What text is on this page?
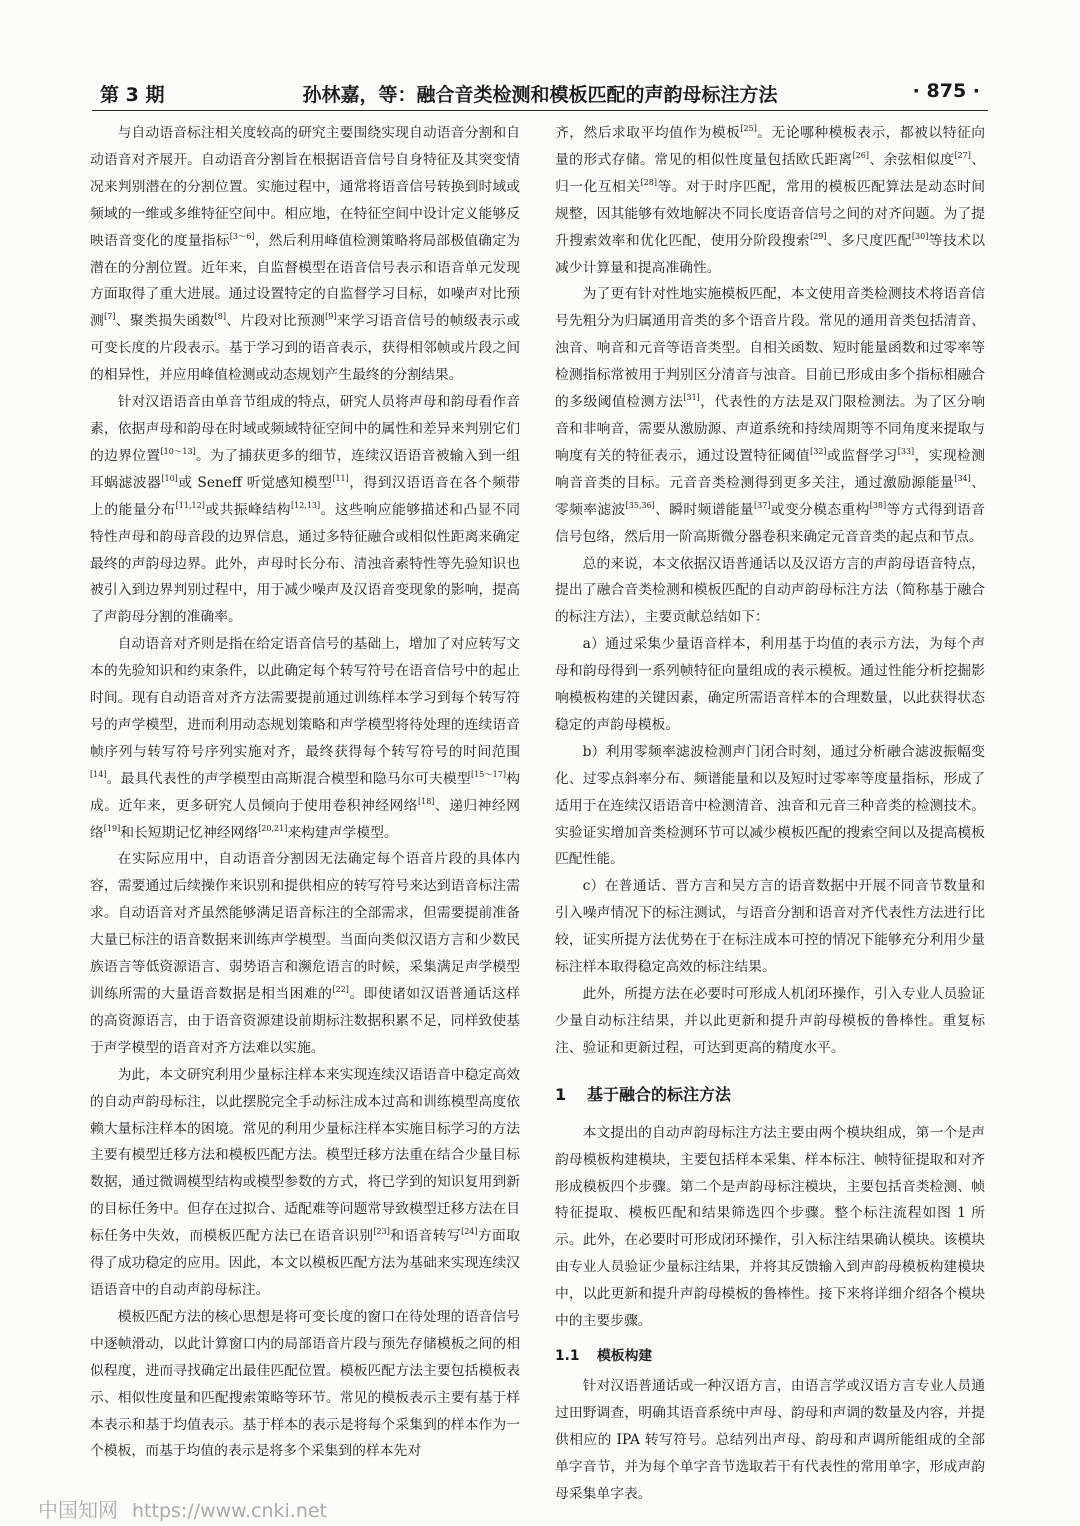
第 3 期	孙林嘉，等：融合音类检测和模板匹配的声韵母标注方法	· 875 ·

与自动语音标注相关度较高的研究主要围绕实现自动语音分割和自动语音对齐展开。自动语音分割旨在根据语音信号自身特征及其突变情况来判别潜在的分割位置。实施过程中，通常将语音信号转换到时域或频域的一维或多维特征空间中。相应地，在特征空间中设计定义能够反映语音变化的度量指标[3～6]，然后利用峰值检测策略将局部极值确定为潜在的分割位置。近年来，自监督模型在语音信号表示和语音单元发现方面取得了重大进展。通过设置特定的自监督学习目标，如噪声对比预测[7]、聚类损失函数[8]、片段对比预测[9]来学习语音信号的帧级表示或可变长度的片段表示。基于学习到的语音表示，获得相邻帧或片段之间的相异性，并应用峰值检测或动态规划产生最终的分割结果。

针对汉语语音由单音节组成的特点，研究人员将声母和韵母看作音素，依据声母和韵母在时域或频域特征空间中的属性和差异来判别它们的边界位置[10～13]。为了捕获更多的细节，连续汉语语音被输入到一组耳蜗滤波器[10]或 Seneff 听觉感知模型[11]，得到汉语语音在各个频带上的能量分布[11,12]或共振峰结构[12,13]。这些响应能够描述和凸显不同特性声母和韵母音段的边界信息，通过多特征融合或相似性距离来确定最终的声韵母边界。此外，声母时长分布、清浊音素特性等先验知识也被引入到边界判别过程中，用于减少噪声及汉语音变现象的影响，提高了声韵母分割的准确率。

自动语音对齐则是指在给定语音信号的基础上，增加了对应转写文本的先验知识和约束条件，以此确定每个转写符号在语音信号中的起止时间。现有自动语音对齐方法需要提前通过训练样本学习到每个转写符号的声学模型，进而利用动态规划策略和声学模型将待处理的连续语音帧序列与转写符号序列实施对齐，最终获得每个转写符号的时间范围[14]。最具代表性的声学模型由高斯混合模型和隐马尔可夫模型[15～17]构成。近年来，更多研究人员倾向于使用卷积神经网络[18]、递归神经网络[19]和长短期记忆神经网络[20,21]来构建声学模型。

在实际应用中，自动语音分割因无法确定每个语音片段的具体内容，需要通过后续操作来识别和提供相应的转写符号来达到语音标注需求。自动语音对齐虽然能够满足语音标注的全部需求，但需要提前准备大量已标注的语音数据来训练声学模型。当面向类似汉语方言和少数民族语言等低资源语言、弱势语言和濒危语言的时候，采集满足声学模型训练所需的大量语音数据是相当困难的[22]。即使诸如汉语普通话这样的高资源语言，由于语音资源建设前期标注数据积累不足，同样致使基于声学模型的语音对齐方法难以实施。

为此，本文研究利用少量标注样本来实现连续汉语语音中稳定高效的自动声韵母标注，以此摆脱完全手动标注成本过高和训练模型高度依赖大量标注样本的困境。常见的利用少量标注样本实施目标学习的方法主要有模型迁移方法和模板匹配方法。模型迁移方法重在结合少量目标数据，通过微调模型结构或模型参数的方式，将已学到的知识复用到新的目标任务中。但存在过拟合、适配难等问题常导致模型迁移方法在目标任务中失效，而模板匹配方法已在语音识别[23]和语音转写[24]方面取得了成功稳定的应用。因此，本文以模板匹配方法为基础来实现连续汉语语音中的自动声韵母标注。

模板匹配方法的核心思想是将可变长度的窗口在待处理的语音信号中逐帧滑动，以此计算窗口内的局部语音片段与预先存储模板之间的相似程度，进而寻找确定出最佳匹配位置。模板匹配方法主要包括模板表示、相似性度量和匹配搜索策略等环节。常见的模板表示主要有基于样本表示和基于均值表示。基于样本的表示是将每个采集到的样本作为一个模板，而基于均值的表示是将多个采集到的样本先对

齐，然后求取平均值作为模板[25]。无论哪种模板表示，都被以特征向量的形式存储。常见的相似性度量包括欧氏距离[26]、余弦相似度[27]、归一化互相关[28]等。对于时序匹配，常用的模板匹配算法是动态时间规整，因其能够有效地解决不同长度语音信号之间的对齐问题。为了提升搜索效率和优化匹配，使用分阶段搜索[29]、多尺度匹配[30]等技术以减少计算量和提高准确性。

为了更有针对性地实施模板匹配，本文使用音类检测技术将语音信号先粗分为归属通用音类的多个语音片段。常见的通用音类包括清音、浊音、响音和元音等语音类型。自相关函数、短时能量函数和过零率等检测指标常被用于判别区分清音与浊音。目前已形成由多个指标相融合的多级阈值检测方法[31]，代表性的方法是双门限检测法。为了区分响音和非响音，需要从激励源、声道系统和持续周期等不同角度来提取与响度有关的特征表示，通过设置特征阈值[32]或监督学习[33]，实现检测响音音类的目标。元音音类检测得到更多关注，通过激励源能量[34]、零频率滤波[35,36]、瞬时频谱能量[37]或变分模态重构[38]等方式得到语音信号包络，然后用一阶高斯微分器卷积来确定元音音类的起点和节点。

总的来说，本文依据汉语普通话以及汉语方言的声韵母语音特点，提出了融合音类检测和模板匹配的自动声韵母标注方法（简称基于融合的标注方法），主要贡献总结如下：

a）通过采集少量语音样本，利用基于均值的表示方法，为每个声母和韵母得到一系列帧特征向量组成的表示模板。通过性能分析挖掘影响模板构建的关键因素，确定所需语音样本的合理数量，以此获得状态稳定的声韵母模板。

b）利用零频率滤波检测声门闭合时刻，通过分析融合滤波振幅变化、过零点斜率分布、频谱能量和以及短时过零率等度量指标，形成了适用于在连续汉语语音中检测清音、浊音和元音三种音类的检测技术。实验证实增加音类检测环节可以减少模板匹配的搜索空间以及提高模板匹配性能。

c）在普通话、晋方言和吴方言的语音数据中开展不同音节数量和引入噪声情况下的标注测试，与语音分割和语音对齐代表性方法进行比较，证实所提方法优势在于在标注成本可控的情况下能够充分利用少量标注样本取得稳定高效的标注结果。

此外，所提方法在必要时可形成人机闭环操作，引入专业人员验证少量自动标注结果，并以此更新和提升声韵母模板的鲁棒性。重复标注、验证和更新过程，可达到更高的精度水平。

1 基于融合的标注方法

本文提出的自动声韵母标注方法主要由两个模块组成，第一个是声韵母模板构建模块，主要包括样本采集、样本标注、帧特征提取和对齐形成模板四个步骤。第二个是声韵母标注模块，主要包括音类检测、帧特征提取、模板匹配和结果筛选四个步骤。整个标注流程如图 1 所示。此外，在必要时可形成闭环操作，引入标注结果确认模块。该模块由专业人员验证少量标注结果，并将其反馈输入到声韵母模板构建模块中，以此更新和提升声韵母模板的鲁棒性。接下来将详细介绍各个模块中的主要步骤。

1.1 模板构建

针对汉语普通话或一种汉语方言，由语言学或汉语方言专业人员通过田野调查，明确其语音系统中声母、韵母和声调的数量及内容，并提供相应的 IPA 转写符号。总结列出声母、韵母和声调所能组成的全部单字音节，并为每个单字音节选取若干有代表性的常用单字，形成声韵母采集单字表。

中国知网 https://www.cnki.net
